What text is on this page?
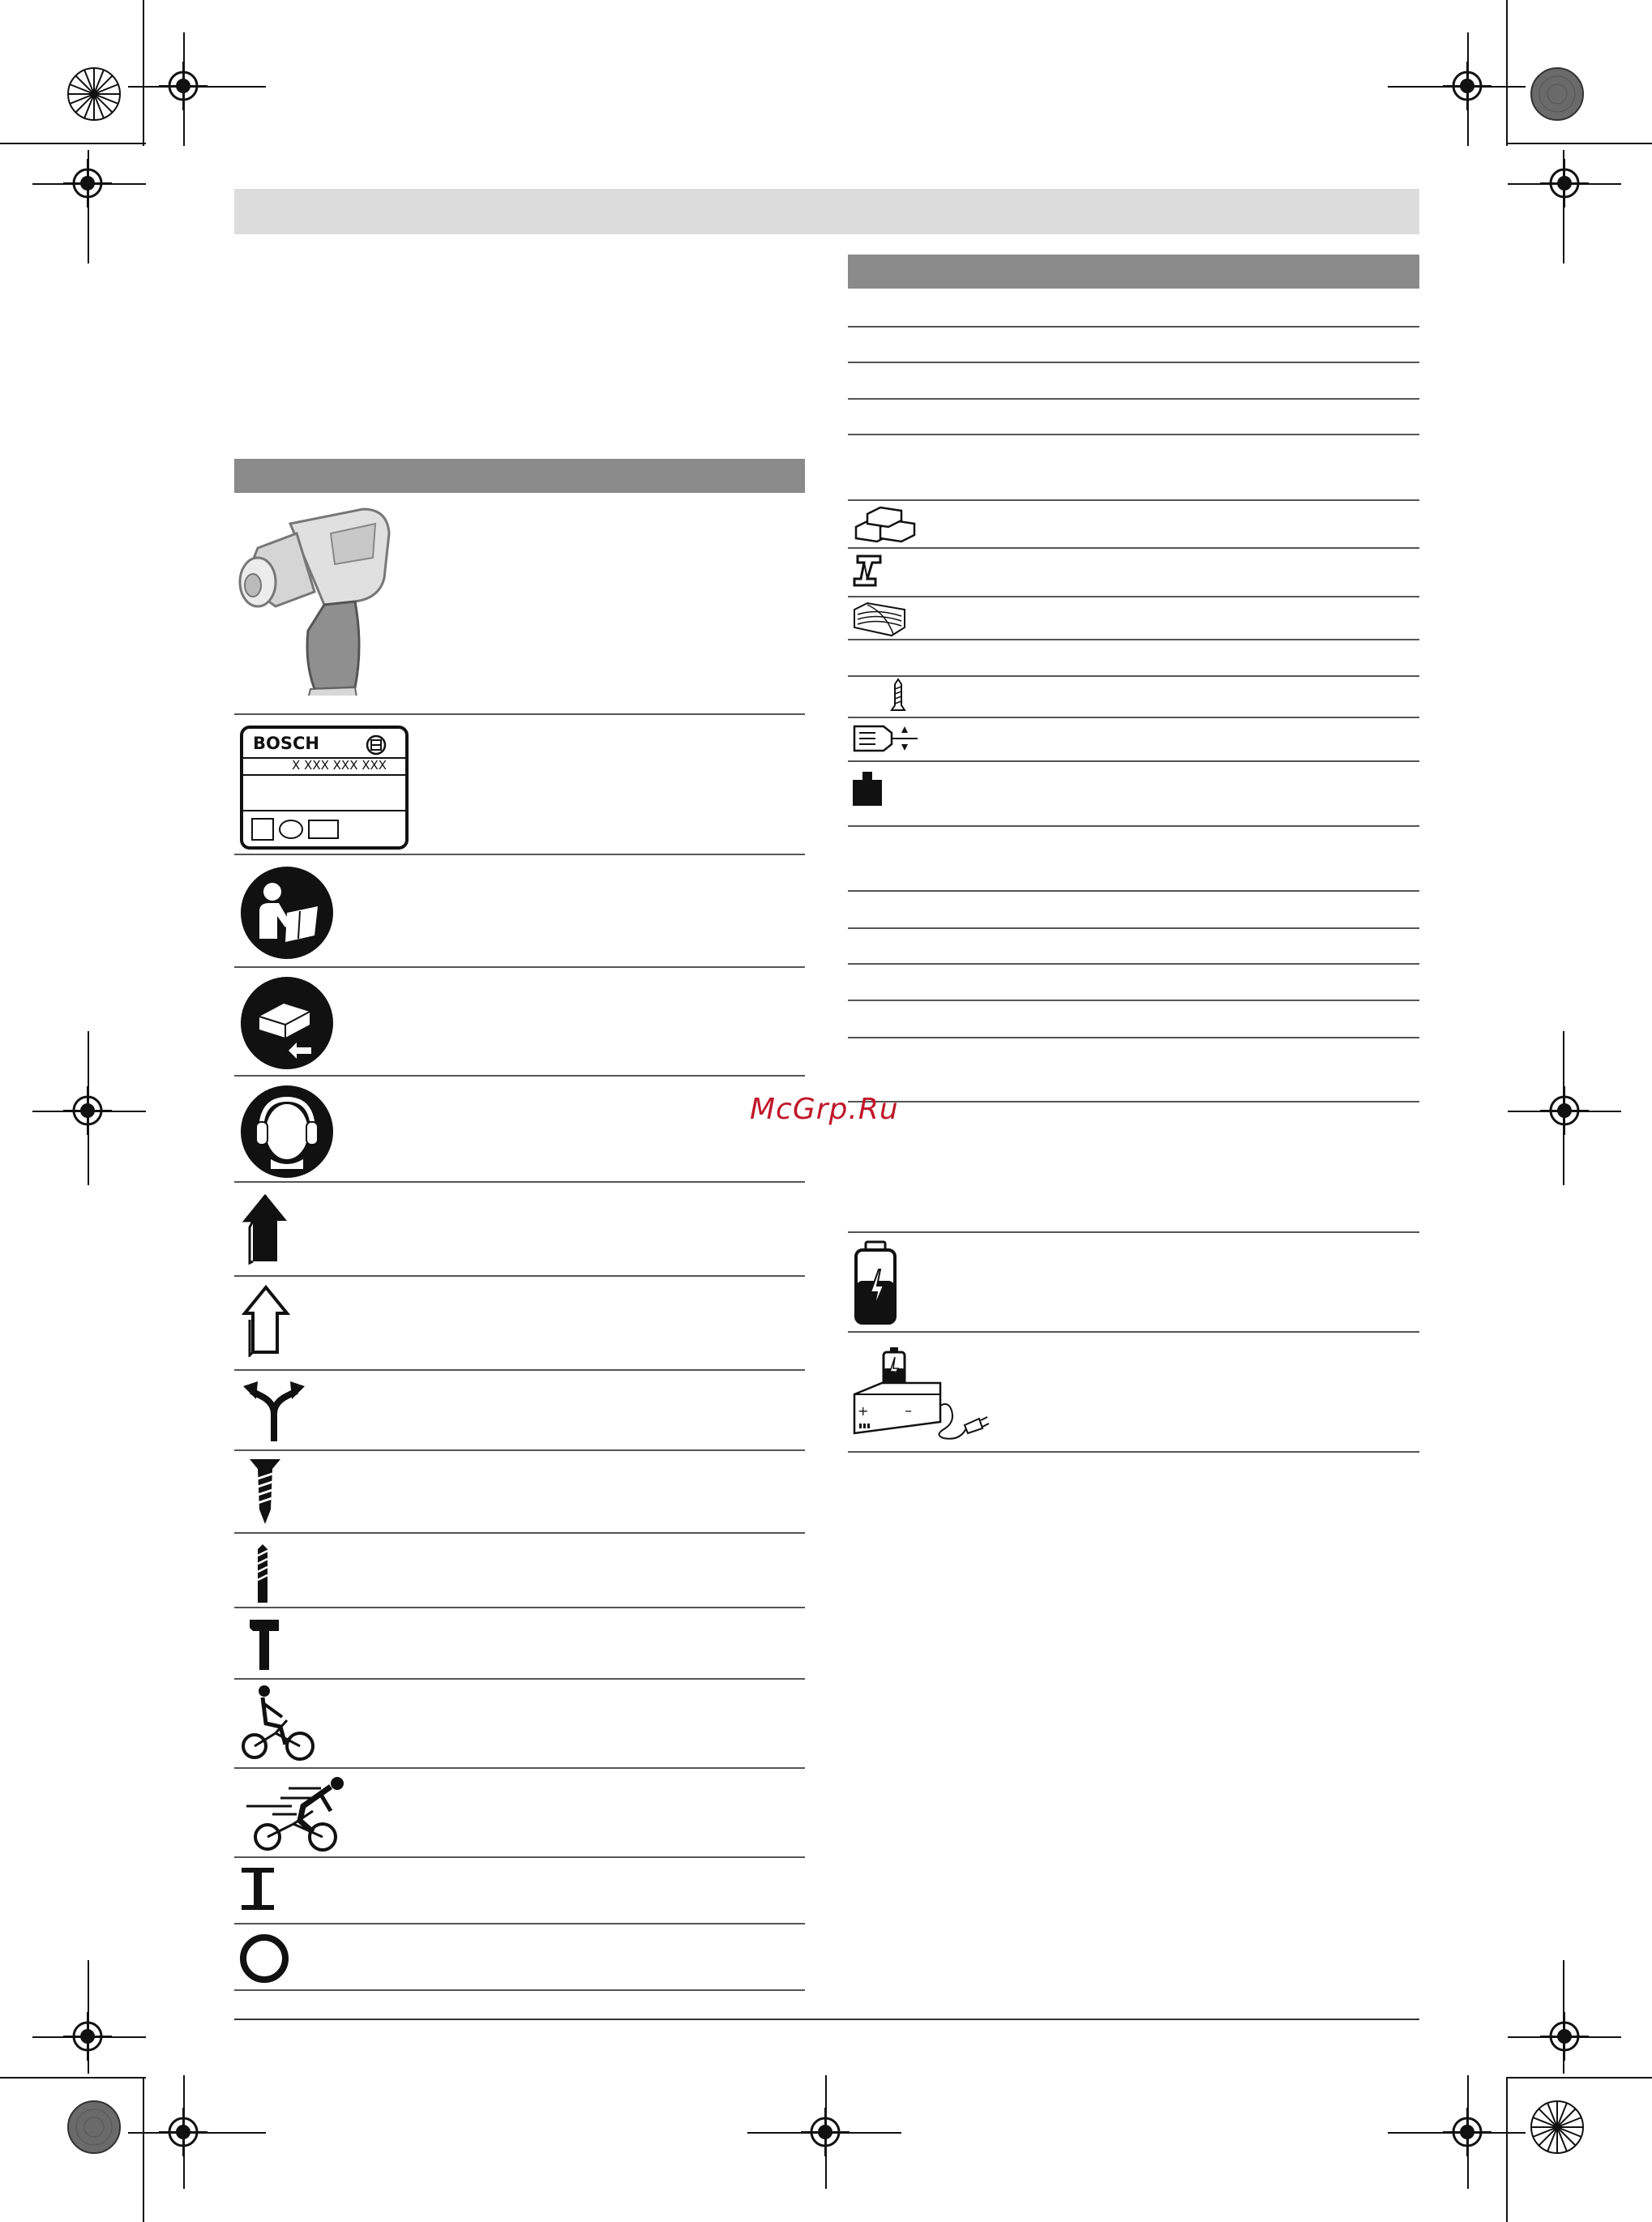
McGrp.Ru
BOSCH
X XXX XXX XXX
+ –
